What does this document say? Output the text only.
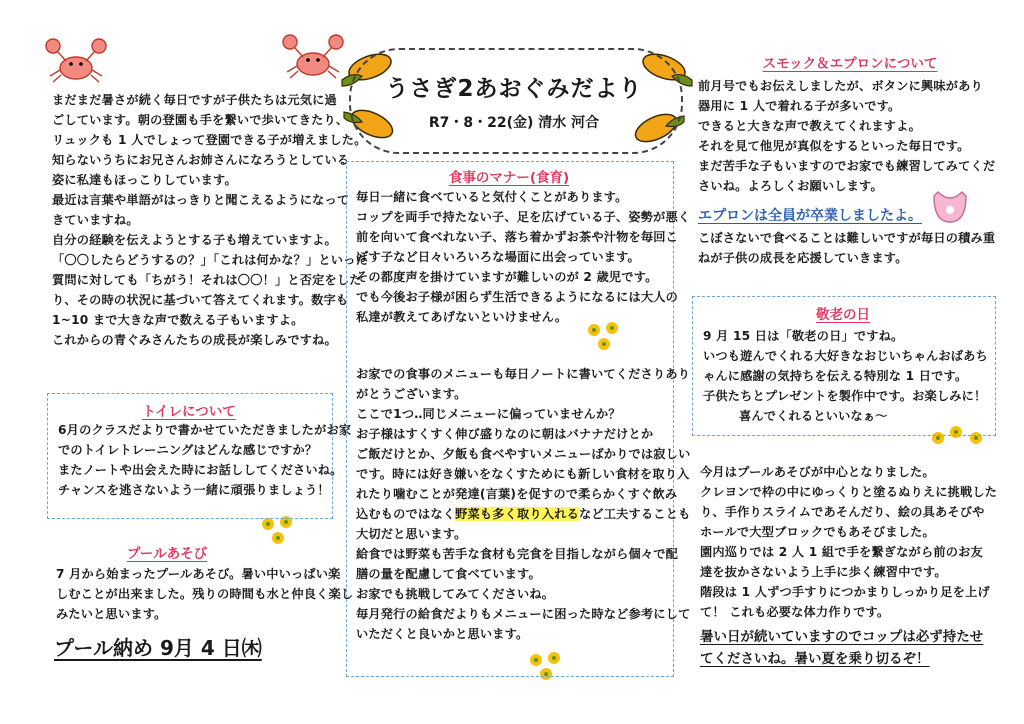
うさぎ2あおぐみだより
R7・8・22(金) 清水 河合

まだまだ暑さが続く毎日ですが子供たちは元気に過

ごしています。朝の登園も手を繋いで歩いてきたり、

リュックも 1 人でしょって登園できる子が増えました。

知らないうちにお兄さんお姉さんになろうとしている

姿に私達もほっこりしています。

最近は言葉や単語がはっきりと聞こえるようになって

きていますね。

自分の経験を伝えようとする子も増えていますよ。

「〇〇したらどうするの？」「これは何かな？」といった

質問に対しても「ちがう！それは〇〇！」と否定をした

り、その時の状況に基づいて答えてくれます。数字も

1~10 まで大きな声で数える子もいますよ。

これからの青ぐみさんたちの成長が楽しみですね。

トイレについて

6月のクラスだよりで書かせていただきましたがお家

でのトイレトレーニングはどんな感じですか？

またノートや出会えた時にお話ししてくださいね。

チャンスを逃さないよう一緒に頑張りましょう！

プールあそび

7 月から始まったプールあそび。暑い中いっぱい楽

しむことが出来ました。残りの時間も水と仲良く楽し

みたいと思います。

プール納め 9月 4 日㈭
食事のマナー(食育)

毎日一緒に食べていると気付くことがあります。

コップを両手で持たない子、足を広げている子、姿勢が悪く

前を向いて食べれない子、落ち着かずお茶や汁物を毎回こ

ぼす子など日々いろいろな場面に出会っています。

その都度声を掛けていますが難しいのが 2 歳児です。

でも今後お子様が困らず生活できるようになるには大人の

私達が教えてあげないといけません。

お家での食事のメニューも毎日ノートに書いてくださりあり

がとうございます。

ここで1つ‥同じメニューに偏っていませんか？

お子様はすくすく伸び盛りなのに朝はバナナだけとか

ご飯だけとか、夕飯も食べやすいメニューばかりでは寂しい

です。時には好き嫌いをなくすためにも新しい食材を取り入

れたり噛むことが発達(言葉)を促すので柔らかくすぐ飲み

込むものではなく野菜も多く取り入れるなど工夫することも

大切だと思います。

給食では野菜も苦手な食材も完食を目指しながら個々で配

膳の量を配慮して食べています。

お家でも挑戦してみてくださいね。

毎月発行の給食だよりもメニューに困った時など参考にして

いただくと良いかと思います。

スモック＆エプロンについて

前月号でもお伝えしましたが、ボタンに興味があり

器用に 1 人で着れる子が多いです。

できると大きな声で教えてくれますよ。

それを見て他児が真似をするといった毎日です。

まだ苦手な子もいますのでお家でも練習してみてくだ

さいね。よろしくお願いします。

エプロンは全員が卒業しましたよ。

こぼさないで食べることは難しいですが毎日の積み重

ねが子供の成長を応援していきます。

敬老の日

9 月 15 日は「敬老の日」ですね。

いつも遊んでくれる大好きなおじいちゃんおばあち

ゃんに感謝の気持ちを伝える特別な 1 日です。

子供たちとプレゼントを製作中です。お楽しみに！

喜んでくれるといいなぁ～

今月はプールあそびが中心となりました。

クレヨンで枠の中にゆっくりと塗るぬりえに挑戦した

り、手作りスライムであそんだり、絵の具あそびや

ホールで大型ブロックでもあそびました。

園内巡りでは 2 人 1 組で手を繋ぎながら前のお友

達を抜かさないよう上手に歩く練習中です。

階段は 1 人ずつ手すりにつかまりしっかり足を上げ

て！ これも必要な体力作りです。

暑い日が続いていますのでコップは必ず持たせ
てくださいね。暑い夏を乗り切るぞ！
